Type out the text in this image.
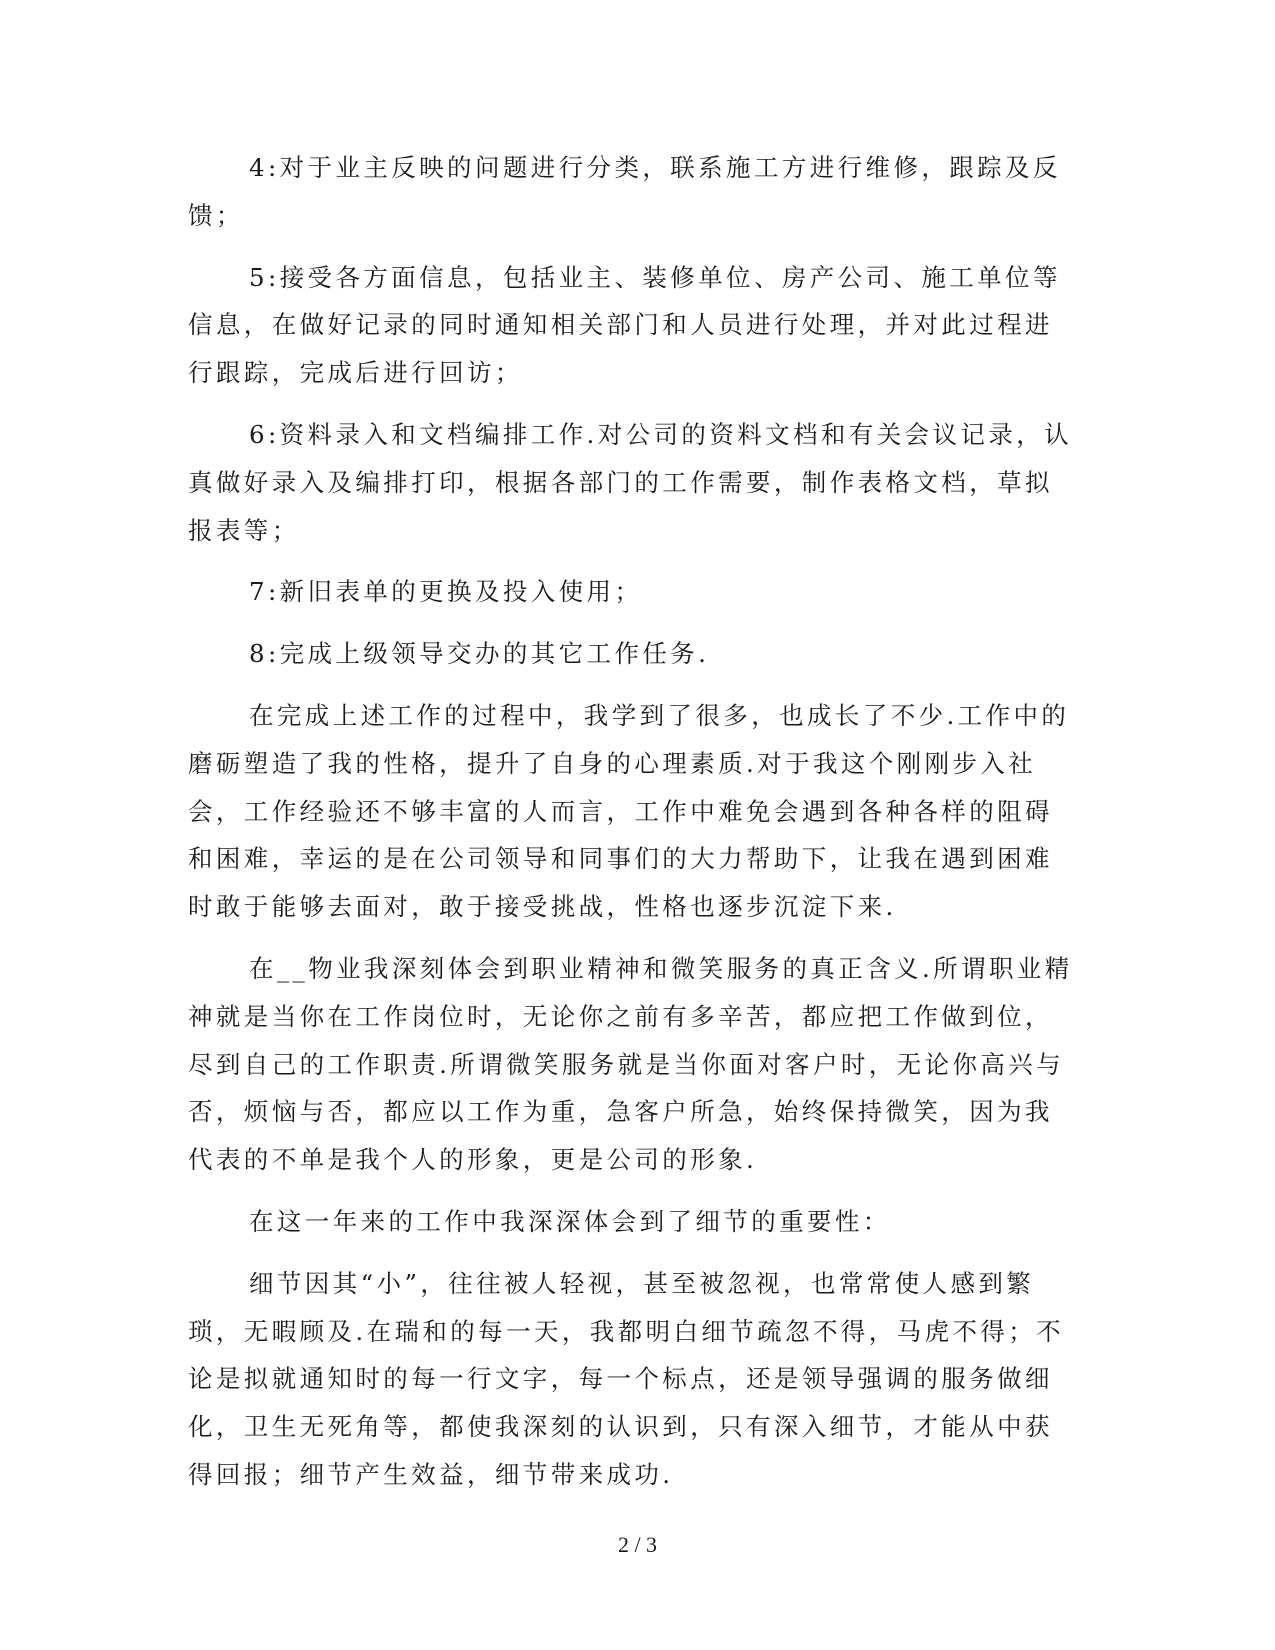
4:对于业主反映的问题进行分类，联系施工方进行维修，跟踪及反馈；

5:接受各方面信息，包括业主、装修单位、房产公司、施工单位等信息，在做好记录的同时通知相关部门和人员进行处理，并对此过程进行跟踪，完成后进行回访；

6:资料录入和文档编排工作.对公司的资料文档和有关会议记录，认真做好录入及编排打印，根据各部门的工作需要，制作表格文档，草拟报表等；

7:新旧表单的更换及投入使用；

8:完成上级领导交办的其它工作任务.

在完成上述工作的过程中，我学到了很多，也成长了不少.工作中的磨砺塑造了我的性格，提升了自身的心理素质.对于我这个刚刚步入社会，工作经验还不够丰富的人而言，工作中难免会遇到各种各样的阻碍和困难，幸运的是在公司领导和同事们的大力帮助下，让我在遇到困难时敢于能够去面对，敢于接受挑战，性格也逐步沉淀下来.

在__物业我深刻体会到职业精神和微笑服务的真正含义.所谓职业精神就是当你在工作岗位时，无论你之前有多辛苦，都应把工作做到位，尽到自己的工作职责.所谓微笑服务就是当你面对客户时，无论你高兴与否，烦恼与否，都应以工作为重，急客户所急，始终保持微笑，因为我代表的不单是我个人的形象，更是公司的形象.

在这一年来的工作中我深深体会到了细节的重要性：

细节因其“小”，往往被人轻视，甚至被忽视，也常常使人感到繁琐，无暇顾及.在瑞和的每一天，我都明白细节疏忽不得，马虎不得；不论是拟就通知时的每一行文字，每一个标点，还是领导强调的服务做细化，卫生无死角等，都使我深刻的认识到，只有深入细节，才能从中获得回报；细节产生效益，细节带来成功.

2 / 3
